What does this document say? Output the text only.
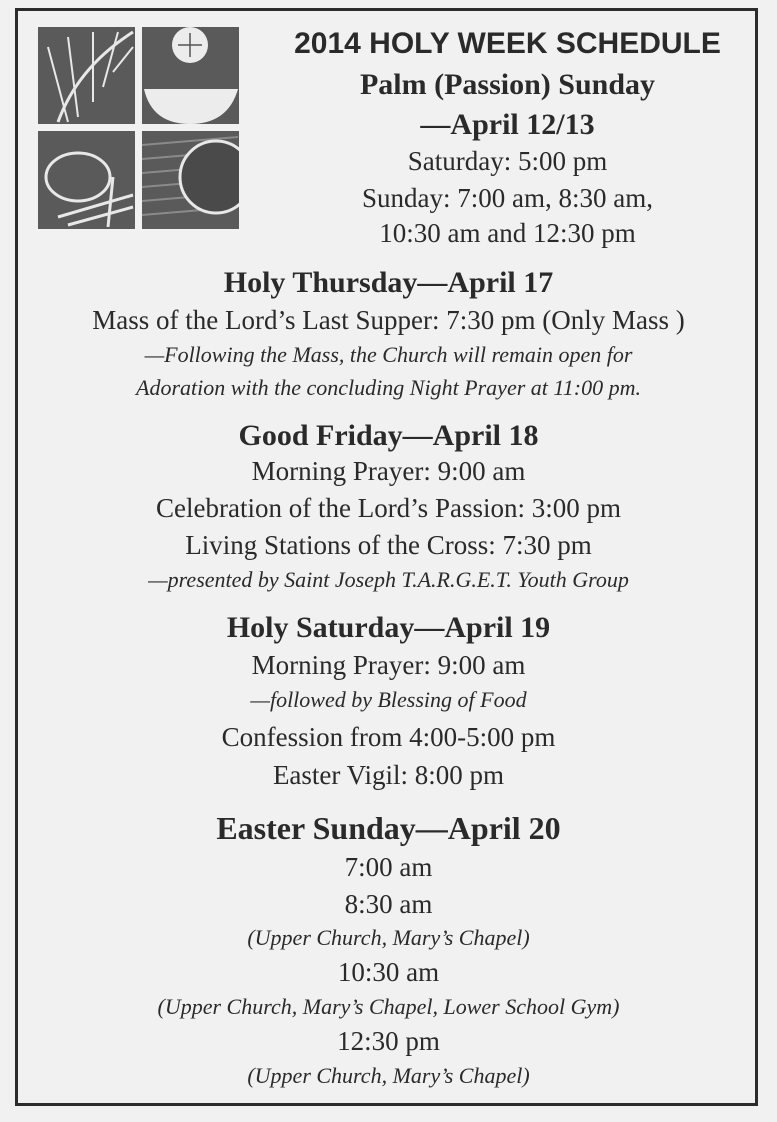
2014 HOLY WEEK SCHEDULE
Palm (Passion) Sunday
—April 12/13
Saturday: 5:00 pm
Sunday: 7:00 am, 8:30 am,
10:30 am and 12:30 pm
Holy Thursday—April 17
Mass of the Lord’s Last Supper: 7:30 pm (Only Mass )
—Following the Mass, the Church will remain open for
Adoration with the concluding Night Prayer at 11:00 pm.
Good Friday—April 18
Morning Prayer: 9:00 am
Celebration of the Lord’s Passion: 3:00 pm
Living Stations of the Cross: 7:30 pm
—presented by Saint Joseph T.A.R.G.E.T. Youth Group
Holy Saturday—April 19
Morning Prayer: 9:00 am
—followed by Blessing of Food
Confession from 4:00-5:00 pm
Easter Vigil: 8:00 pm
Easter Sunday—April 20
7:00 am
8:30 am
(Upper Church, Mary’s Chapel)
10:30 am
(Upper Church, Mary’s Chapel, Lower School Gym)
12:30 pm
(Upper Church, Mary’s Chapel)
